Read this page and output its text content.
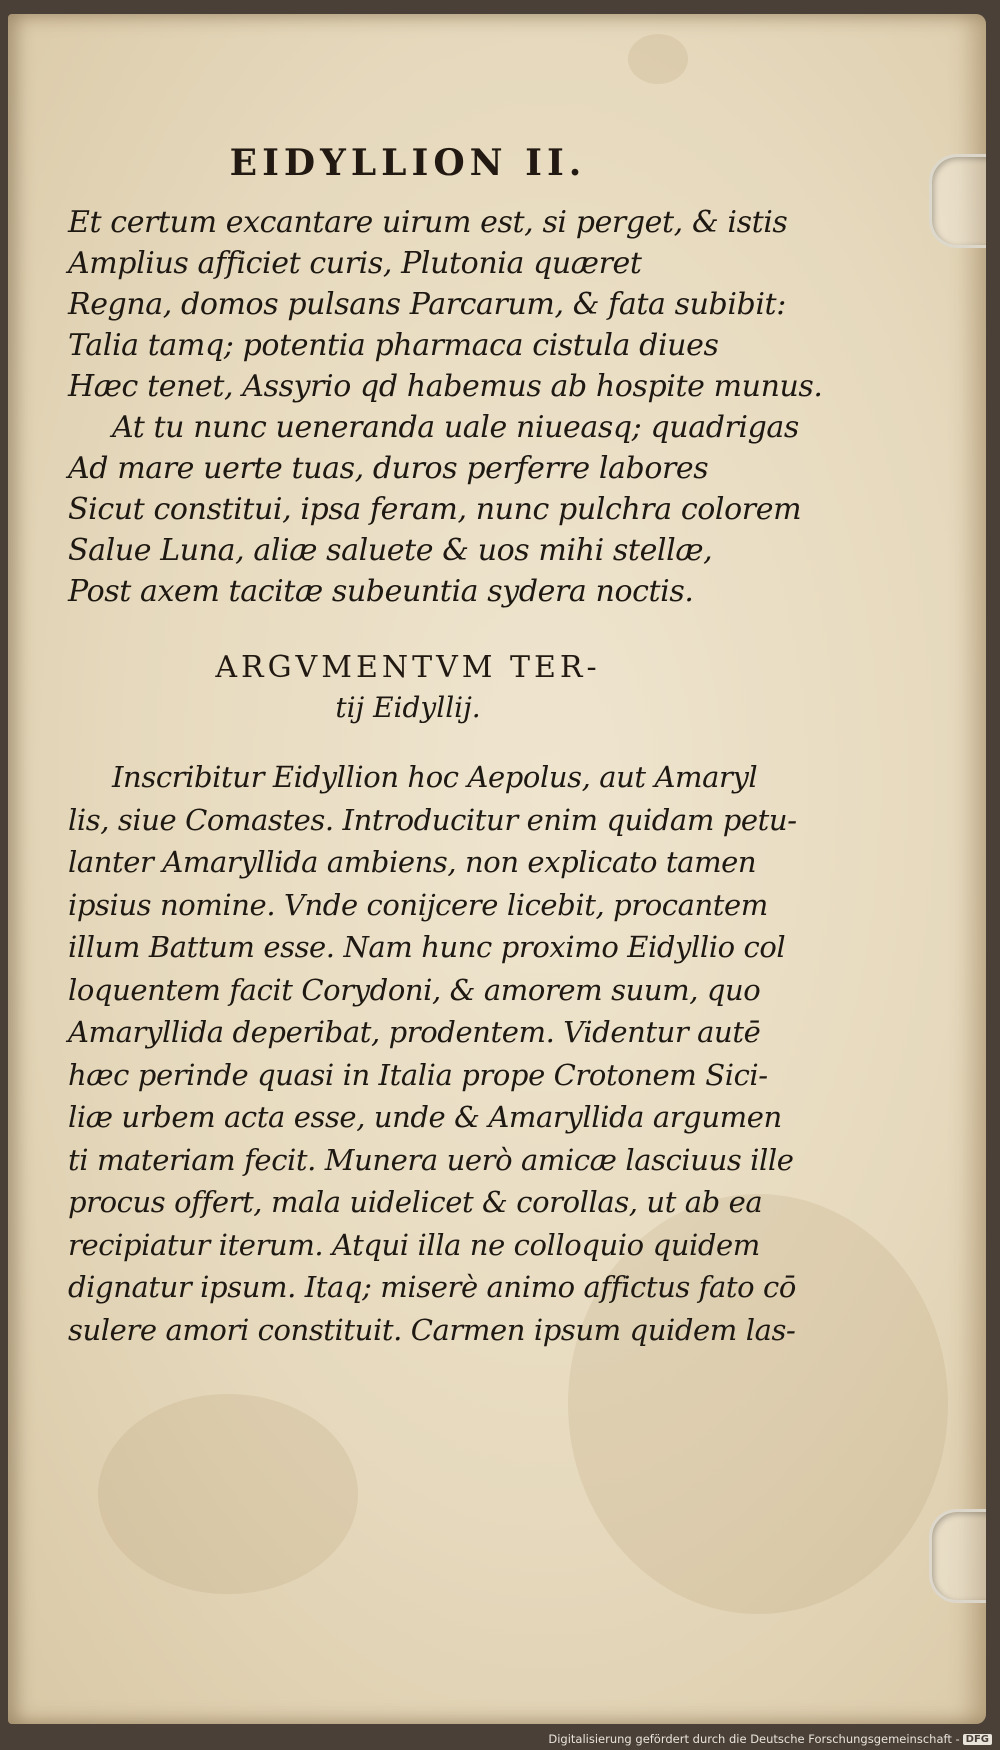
EIDYLLION II.
Et certum excantare uirum est, si perget, & istis
Amplius afficiet curis, Plutonia quæret
Regna, domos pulsans Parcarum, & fata subibit:
Talia tamq; potentia pharmaca cistula diues
Hæc tenet, Assyrio qd habemus ab hospite munus.
At tu nunc ueneranda uale niueasq; quadrigas
Ad mare uerte tuas, duros perferre labores
Sicut constitui, ipsa feram, nunc pulchra colorem
Salue Luna, aliæ saluete & uos mihi stellæ,
Post axem tacitæ subeuntia sydera noctis.
ARGVMENTVM TER-
tij Eidyllij.
Inscribitur Eidyllion hoc Aepolus, aut Amaryl
lis, siue Comastes. Introducitur enim quidam petu-
lanter Amaryllida ambiens, non explicato tamen
ipsius nomine. Vnde conijcere licebit, procantem
illum Battum esse. Nam hunc proximo Eidyllio col
loquentem facit Corydoni, & amorem suum, quo
Amaryllida deperibat, prodentem. Videntur autē
hæc perinde quasi in Italia prope Crotonem Sici-
liæ urbem acta esse, unde & Amaryllida argumen
ti materiam fecit. Munera uerò amicæ lasciuus ille
procus offert, mala uidelicet & corollas, ut ab ea
recipiatur iterum. Atqui illa ne colloquio quidem
dignatur ipsum. Itaq; miserè animo affictus fato cō
sulere amori constituit. Carmen ipsum quidem las-
Digitalisierung gefördert durch die Deutsche Forschungsgemeinschaft - DFG
